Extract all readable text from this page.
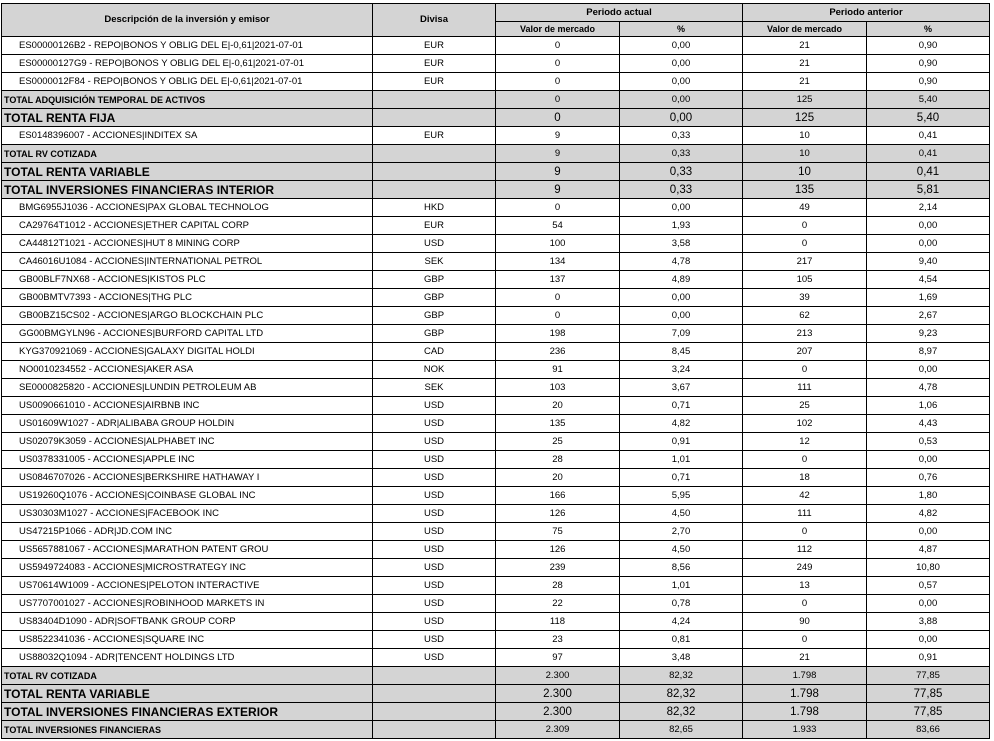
Descripción de la inversión y emisor	Divisa	Periodo actual		Periodo anterior	
		Valor de mercado	%	Valor de mercado	%
ES00000126B2 - REPO|BONOS Y OBLIG DEL E|-0,61|2021-07-01	EUR	0	0,00	21	0,90
ES00000127G9 - REPO|BONOS Y OBLIG DEL E|-0,61|2021-07-01	EUR	0	0,00	21	0,90
ES0000012F84 - REPO|BONOS Y OBLIG DEL E|-0,61|2021-07-01	EUR	0	0,00	21	0,90
TOTAL ADQUISICIÓN TEMPORAL DE ACTIVOS		0	0,00	125	5,40
TOTAL RENTA FIJA		0	0,00	125	5,40
ES0148396007 - ACCIONES|INDITEX SA	EUR	9	0,33	10	0,41
TOTAL RV COTIZADA		9	0,33	10	0,41
TOTAL RENTA VARIABLE		9	0,33	10	0,41
TOTAL INVERSIONES FINANCIERAS INTERIOR		9	0,33	135	5,81
BMG6955J1036 - ACCIONES|PAX GLOBAL TECHNOLOG	HKD	0	0,00	49	2,14
CA29764T1012 - ACCIONES|ETHER CAPITAL CORP	EUR	54	1,93	0	0,00
CA44812T1021 - ACCIONES|HUT 8 MINING CORP	USD	100	3,58	0	0,00
CA46016U1084 - ACCIONES|INTERNATIONAL PETROL	SEK	134	4,78	217	9,40
GB00BLF7NX68 - ACCIONES|KISTOS PLC	GBP	137	4,89	105	4,54
GB00BMTV7393 - ACCIONES|THG PLC	GBP	0	0,00	39	1,69
GB00BZ15CS02 - ACCIONES|ARGO BLOCKCHAIN PLC	GBP	0	0,00	62	2,67
GG00BMGYLN96 - ACCIONES|BURFORD CAPITAL LTD	GBP	198	7,09	213	9,23
KYG370921069 - ACCIONES|GALAXY DIGITAL HOLDI	CAD	236	8,45	207	8,97
NO0010234552 - ACCIONES|AKER ASA	NOK	91	3,24	0	0,00
SE0000825820 - ACCIONES|LUNDIN PETROLEUM AB	SEK	103	3,67	111	4,78
US0090661010 - ACCIONES|AIRBNB INC	USD	20	0,71	25	1,06
US01609W1027 - ADR|ALIBABA GROUP HOLDIN	USD	135	4,82	102	4,43
US02079K3059 - ACCIONES|ALPHABET INC	USD	25	0,91	12	0,53
US0378331005 - ACCIONES|APPLE INC	USD	28	1,01	0	0,00
US0846707026 - ACCIONES|BERKSHIRE HATHAWAY I	USD	20	0,71	18	0,76
US19260Q1076 - ACCIONES|COINBASE GLOBAL INC	USD	166	5,95	42	1,80
US30303M1027 - ACCIONES|FACEBOOK INC	USD	126	4,50	111	4,82
US47215P1066 - ADR|JD.COM INC	USD	75	2,70	0	0,00
US5657881067 - ACCIONES|MARATHON PATENT GROU	USD	126	4,50	112	4,87
US5949724083 - ACCIONES|MICROSTRATEGY INC	USD	239	8,56	249	10,80
US70614W1009 - ACCIONES|PELOTON INTERACTIVE	USD	28	1,01	13	0,57
US7707001027 - ACCIONES|ROBINHOOD MARKETS IN	USD	22	0,78	0	0,00
US83404D1090 - ADR|SOFTBANK GROUP CORP	USD	118	4,24	90	3,88
US8522341036 - ACCIONES|SQUARE INC	USD	23	0,81	0	0,00
US88032Q1094 - ADR|TENCENT HOLDINGS LTD	USD	97	3,48	21	0,91
TOTAL RV COTIZADA		2.300	82,32	1.798	77,85
TOTAL RENTA VARIABLE		2.300	82,32	1.798	77,85
TOTAL INVERSIONES FINANCIERAS EXTERIOR		2.300	82,32	1.798	77,85
TOTAL INVERSIONES FINANCIERAS		2.309	82,65	1.933	83,66
